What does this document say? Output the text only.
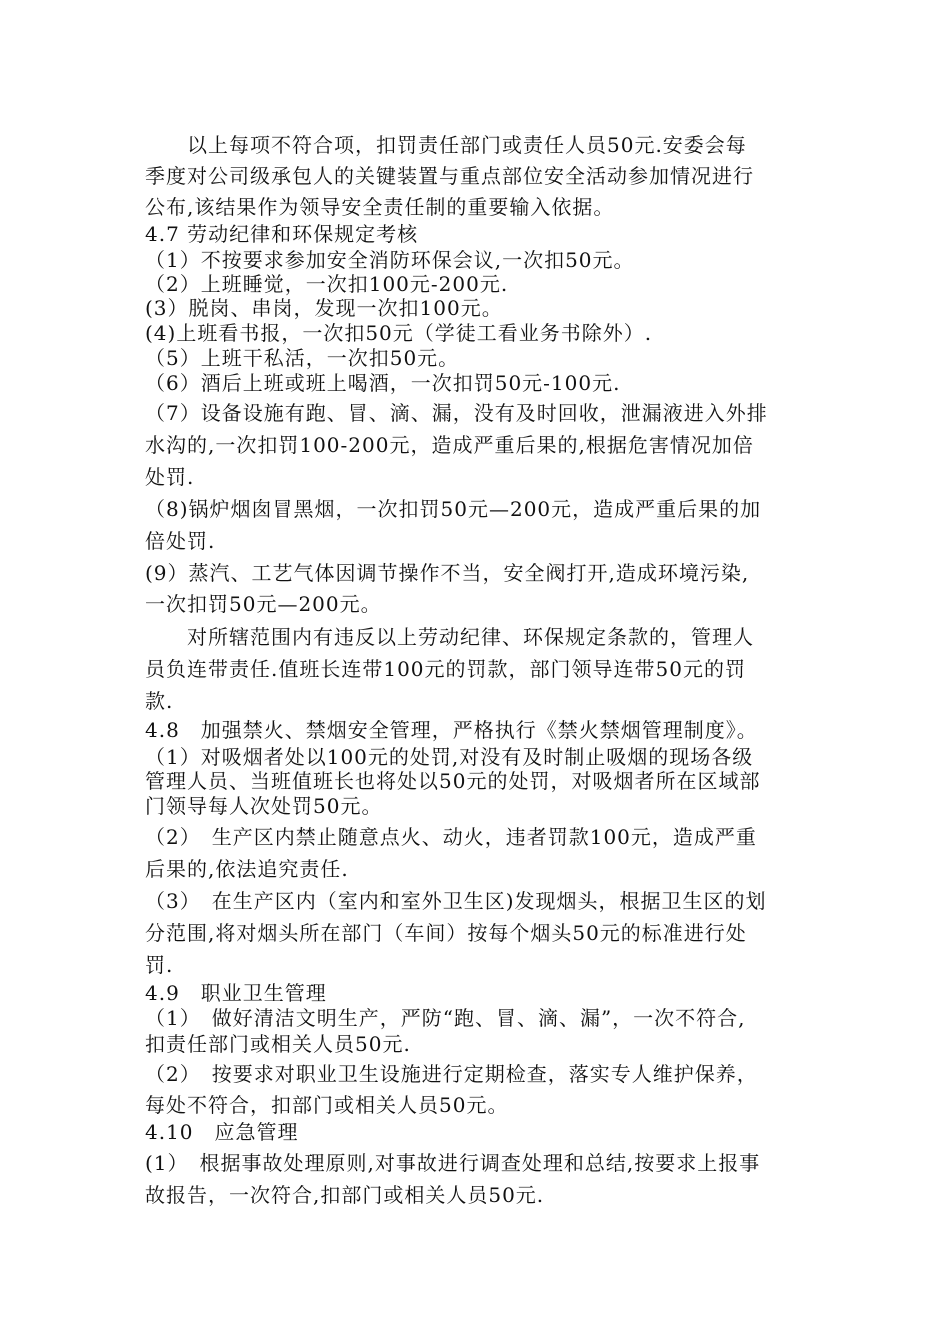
以上每项不符合项，扣罚责任部门或责任人员50元.安委会每
季度对公司级承包人的关键装置与重点部位安全活动参加情况进行
公布,该结果作为领导安全责任制的重要输入依据。
4.7 劳动纪律和环保规定考核
（1）不按要求参加安全消防环保会议,一次扣50元。
（2）上班睡觉，一次扣100元-200元.
(3）脱岗、串岗，发现一次扣100元。
(4)上班看书报，一次扣50元（学徒工看业务书除外）.
（5）上班干私活，一次扣50元。
（6）酒后上班或班上喝酒，一次扣罚50元-100元.
（7）设备设施有跑、冒、滴、漏，没有及时回收，泄漏液进入外排
水沟的,一次扣罚100-200元，造成严重后果的,根据危害情况加倍
处罚.
（8)锅炉烟囱冒黑烟，一次扣罚50元—200元，造成严重后果的加
倍处罚.
(9）蒸汽、工艺气体因调节操作不当，安全阀打开,造成环境污染,
一次扣罚50元—200元。
对所辖范围内有违反以上劳动纪律、环保规定条款的，管理人
员负连带责任.值班长连带100元的罚款，部门领导连带50元的罚
款.
4.8　加强禁火、禁烟安全管理，严格执行《禁火禁烟管理制度》。
（1）对吸烟者处以100元的处罚,对没有及时制止吸烟的现场各级
管理人员、当班值班长也将处以50元的处罚，对吸烟者所在区域部
门领导每人次处罚50元。
（2）　生产区内禁止随意点火、动火，违者罚款100元，造成严重
后果的,依法追究责任.
（3）　在生产区内（室内和室外卫生区)发现烟头，根据卫生区的划
分范围,将对烟头所在部门（车间）按每个烟头50元的标准进行处
罚.
4.9　职业卫生管理
（1）　做好清洁文明生产，严防“跑、冒、滴、漏”，一次不符合,
扣责任部门或相关人员50元.
（2）　按要求对职业卫生设施进行定期检查，落实专人维护保养，
每处不符合，扣部门或相关人员50元。
4.10　应急管理
(1）　根据事故处理原则,对事故进行调查处理和总结,按要求上报事
故报告，一次符合,扣部门或相关人员50元.
